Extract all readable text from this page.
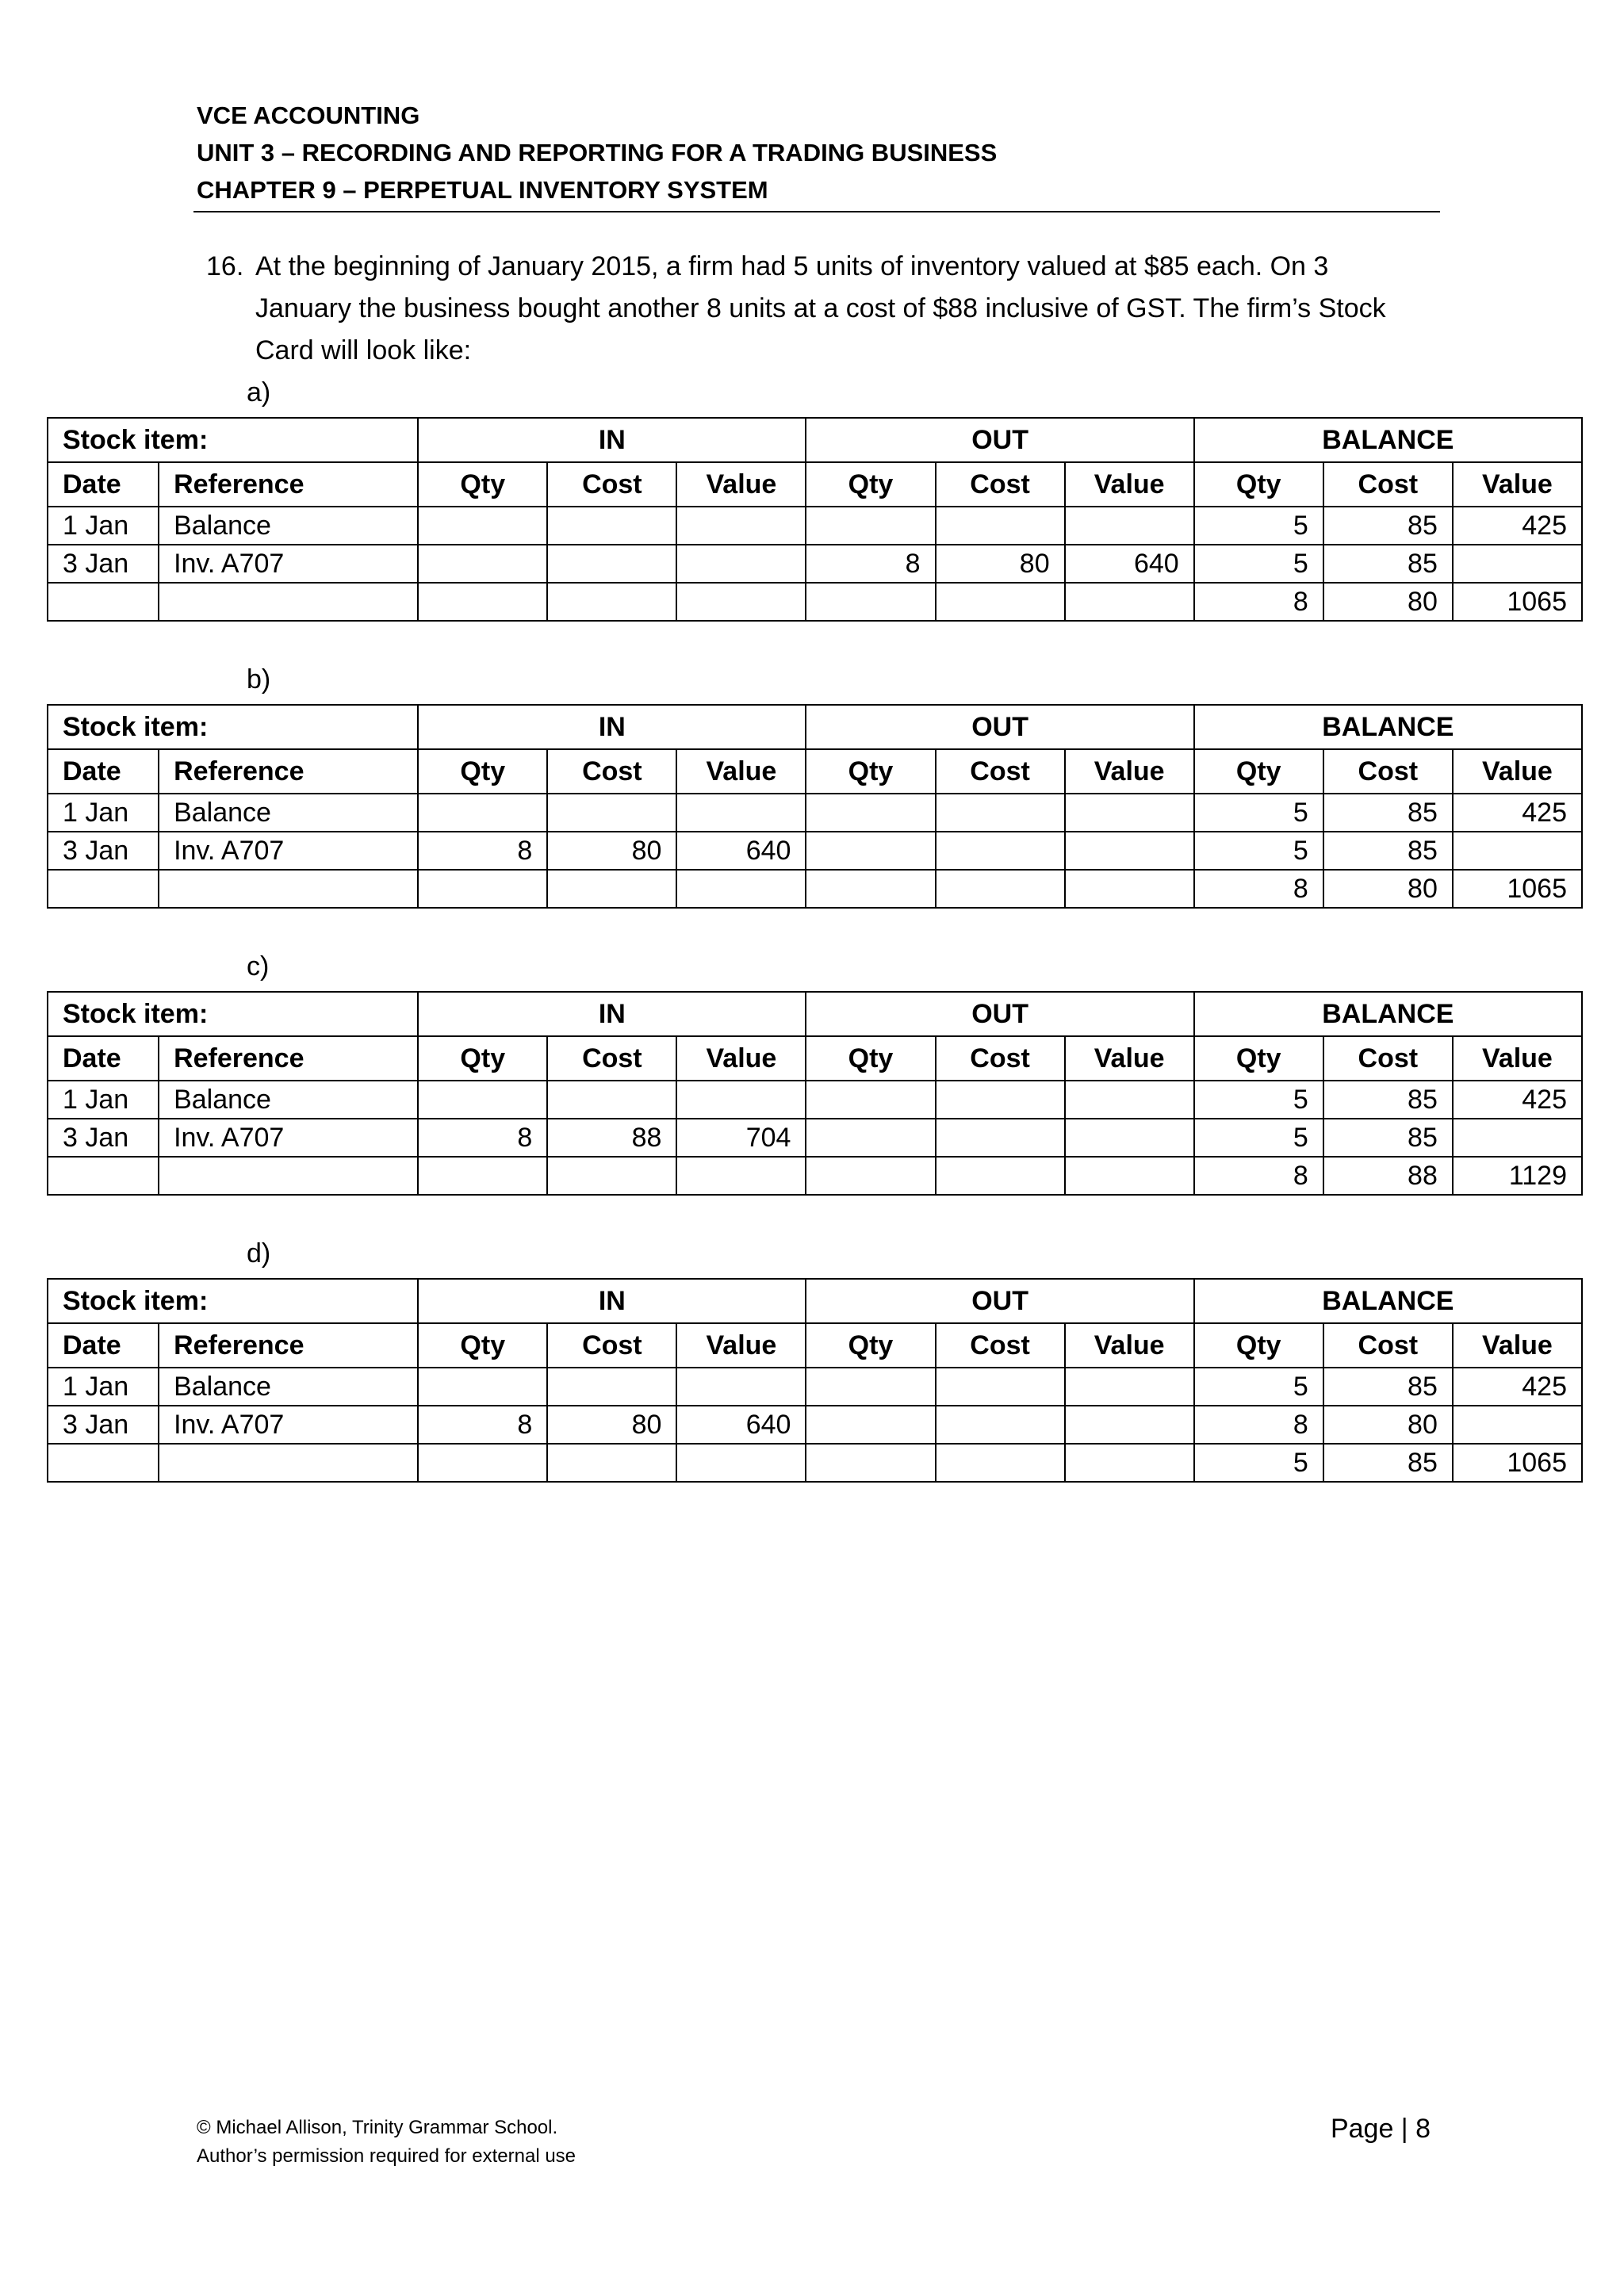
VCE ACCOUNTING
UNIT 3 – RECORDING AND REPORTING FOR A TRADING BUSINESS
CHAPTER 9 – PERPETUAL INVENTORY SYSTEM
16. At the beginning of January 2015, a firm had 5 units of inventory valued at $85 each. On 3 January the business bought another 8 units at a cost of $88 inclusive of GST. The firm’s Stock Card will look like:
a)
Stock item:		IN			OUT			BALANCE		
Date	Reference	Qty	Cost	Value	Qty	Cost	Value	Qty	Cost	Value
1 Jan	Balance							5	85	425
3 Jan	Inv. A707				8	80	640	5	85	
								8	80	1065
b)
Stock item:		IN			OUT			BALANCE		
Date	Reference	Qty	Cost	Value	Qty	Cost	Value	Qty	Cost	Value
1 Jan	Balance							5	85	425
3 Jan	Inv. A707	8	80	640				5	85	
								8	80	1065
c)
Stock item:		IN			OUT			BALANCE		
Date	Reference	Qty	Cost	Value	Qty	Cost	Value	Qty	Cost	Value
1 Jan	Balance							5	85	425
3 Jan	Inv. A707	8	88	704				5	85	
								8	88	1129
d)
Stock item:		IN			OUT			BALANCE		
Date	Reference	Qty	Cost	Value	Qty	Cost	Value	Qty	Cost	Value
1 Jan	Balance							5	85	425
3 Jan	Inv. A707	8	80	640				8	80	
								5	85	1065
© Michael Allison, Trinity Grammar School.
Author’s permission required for external use
Page | 8
